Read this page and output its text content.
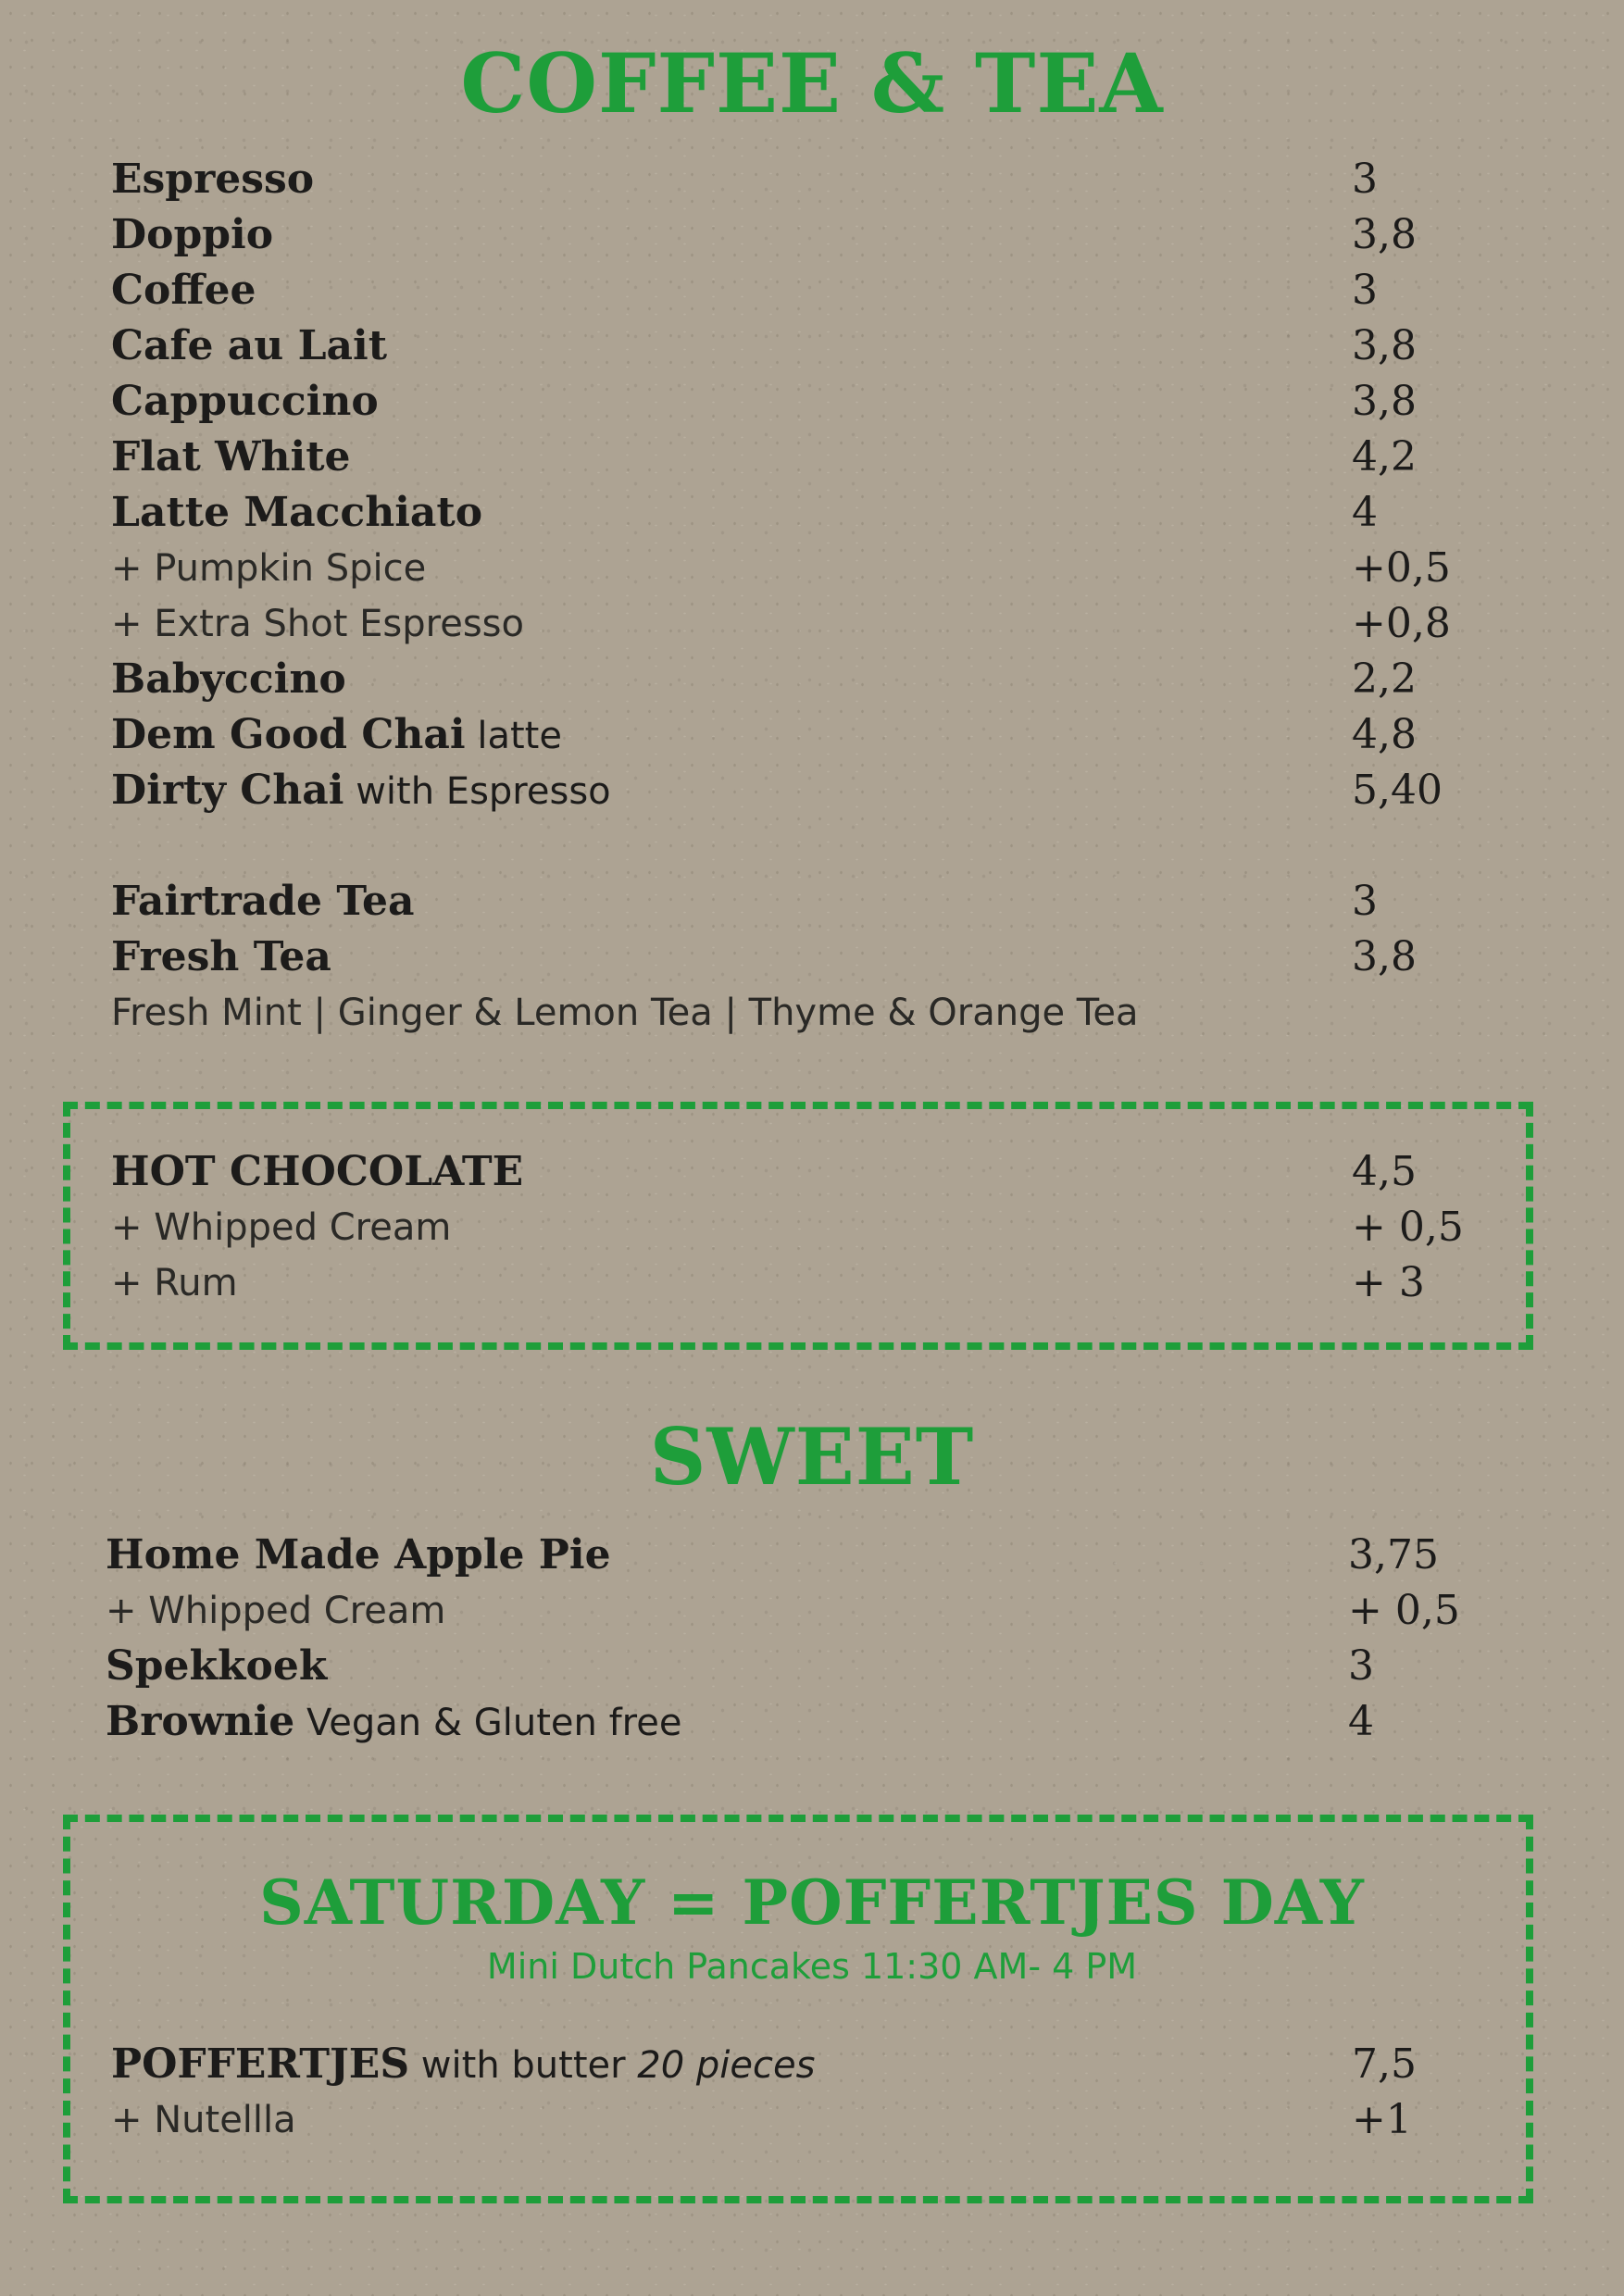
COFFEE & TEA
Espresso	3
Doppio	3,8
Coffee	3
Cafe au Lait	3,8
Cappuccino	3,8
Flat White	4,2
Latte Macchiato	4
+ Pumpkin Spice	+0,5
+ Extra Shot Espresso	+0,8
Babyccino	2,2
Dem Good Chai latte	4,8
Dirty Chai with Espresso	5,40
Fairtrade Tea	3
Fresh Tea	3,8
Fresh Mint | Ginger & Lemon Tea | Thyme & Orange Tea
HOT CHOCOLATE	4,5
+ Whipped Cream	+ 0,5
+ Rum	+ 3
SWEET
Home Made Apple Pie	3,75
+ Whipped Cream	+ 0,5
Spekkoek	3
Brownie Vegan & Gluten free	4
SATURDAY = POFFERTJES DAY
Mini Dutch Pancakes 11:30 AM- 4 PM
POFFERTJES with butter 20 pieces	7,5
+ Nutellla	+1
